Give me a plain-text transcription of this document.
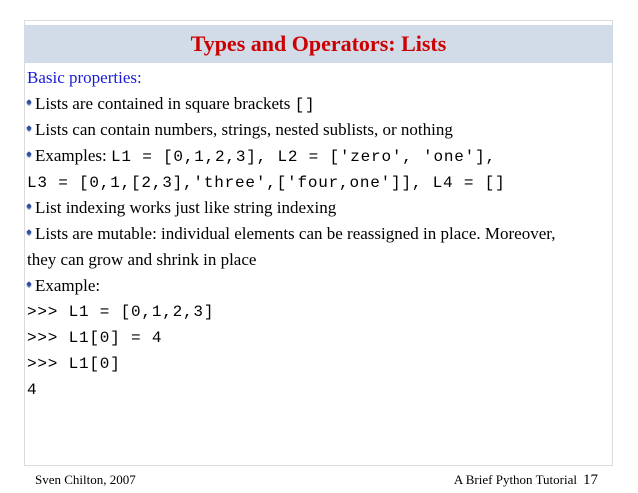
Types and Operators: Lists
Basic properties:
Lists are contained in square brackets []
Lists can contain numbers, strings, nested sublists, or nothing
Examples: L1 = [0,1,2,3], L2 = ['zero', 'one'],
L3 = [0,1,[2,3],'three',['four,one']], L4 = []
List indexing works just like string indexing
Lists are mutable: individual elements can be reassigned in place. Moreover,
they can grow and shrink in place
Example:
>>> L1 = [0,1,2,3]
>>> L1[0] = 4
>>> L1[0]
4
Sven Chilton, 2007	A Brief Python Tutorial 17
